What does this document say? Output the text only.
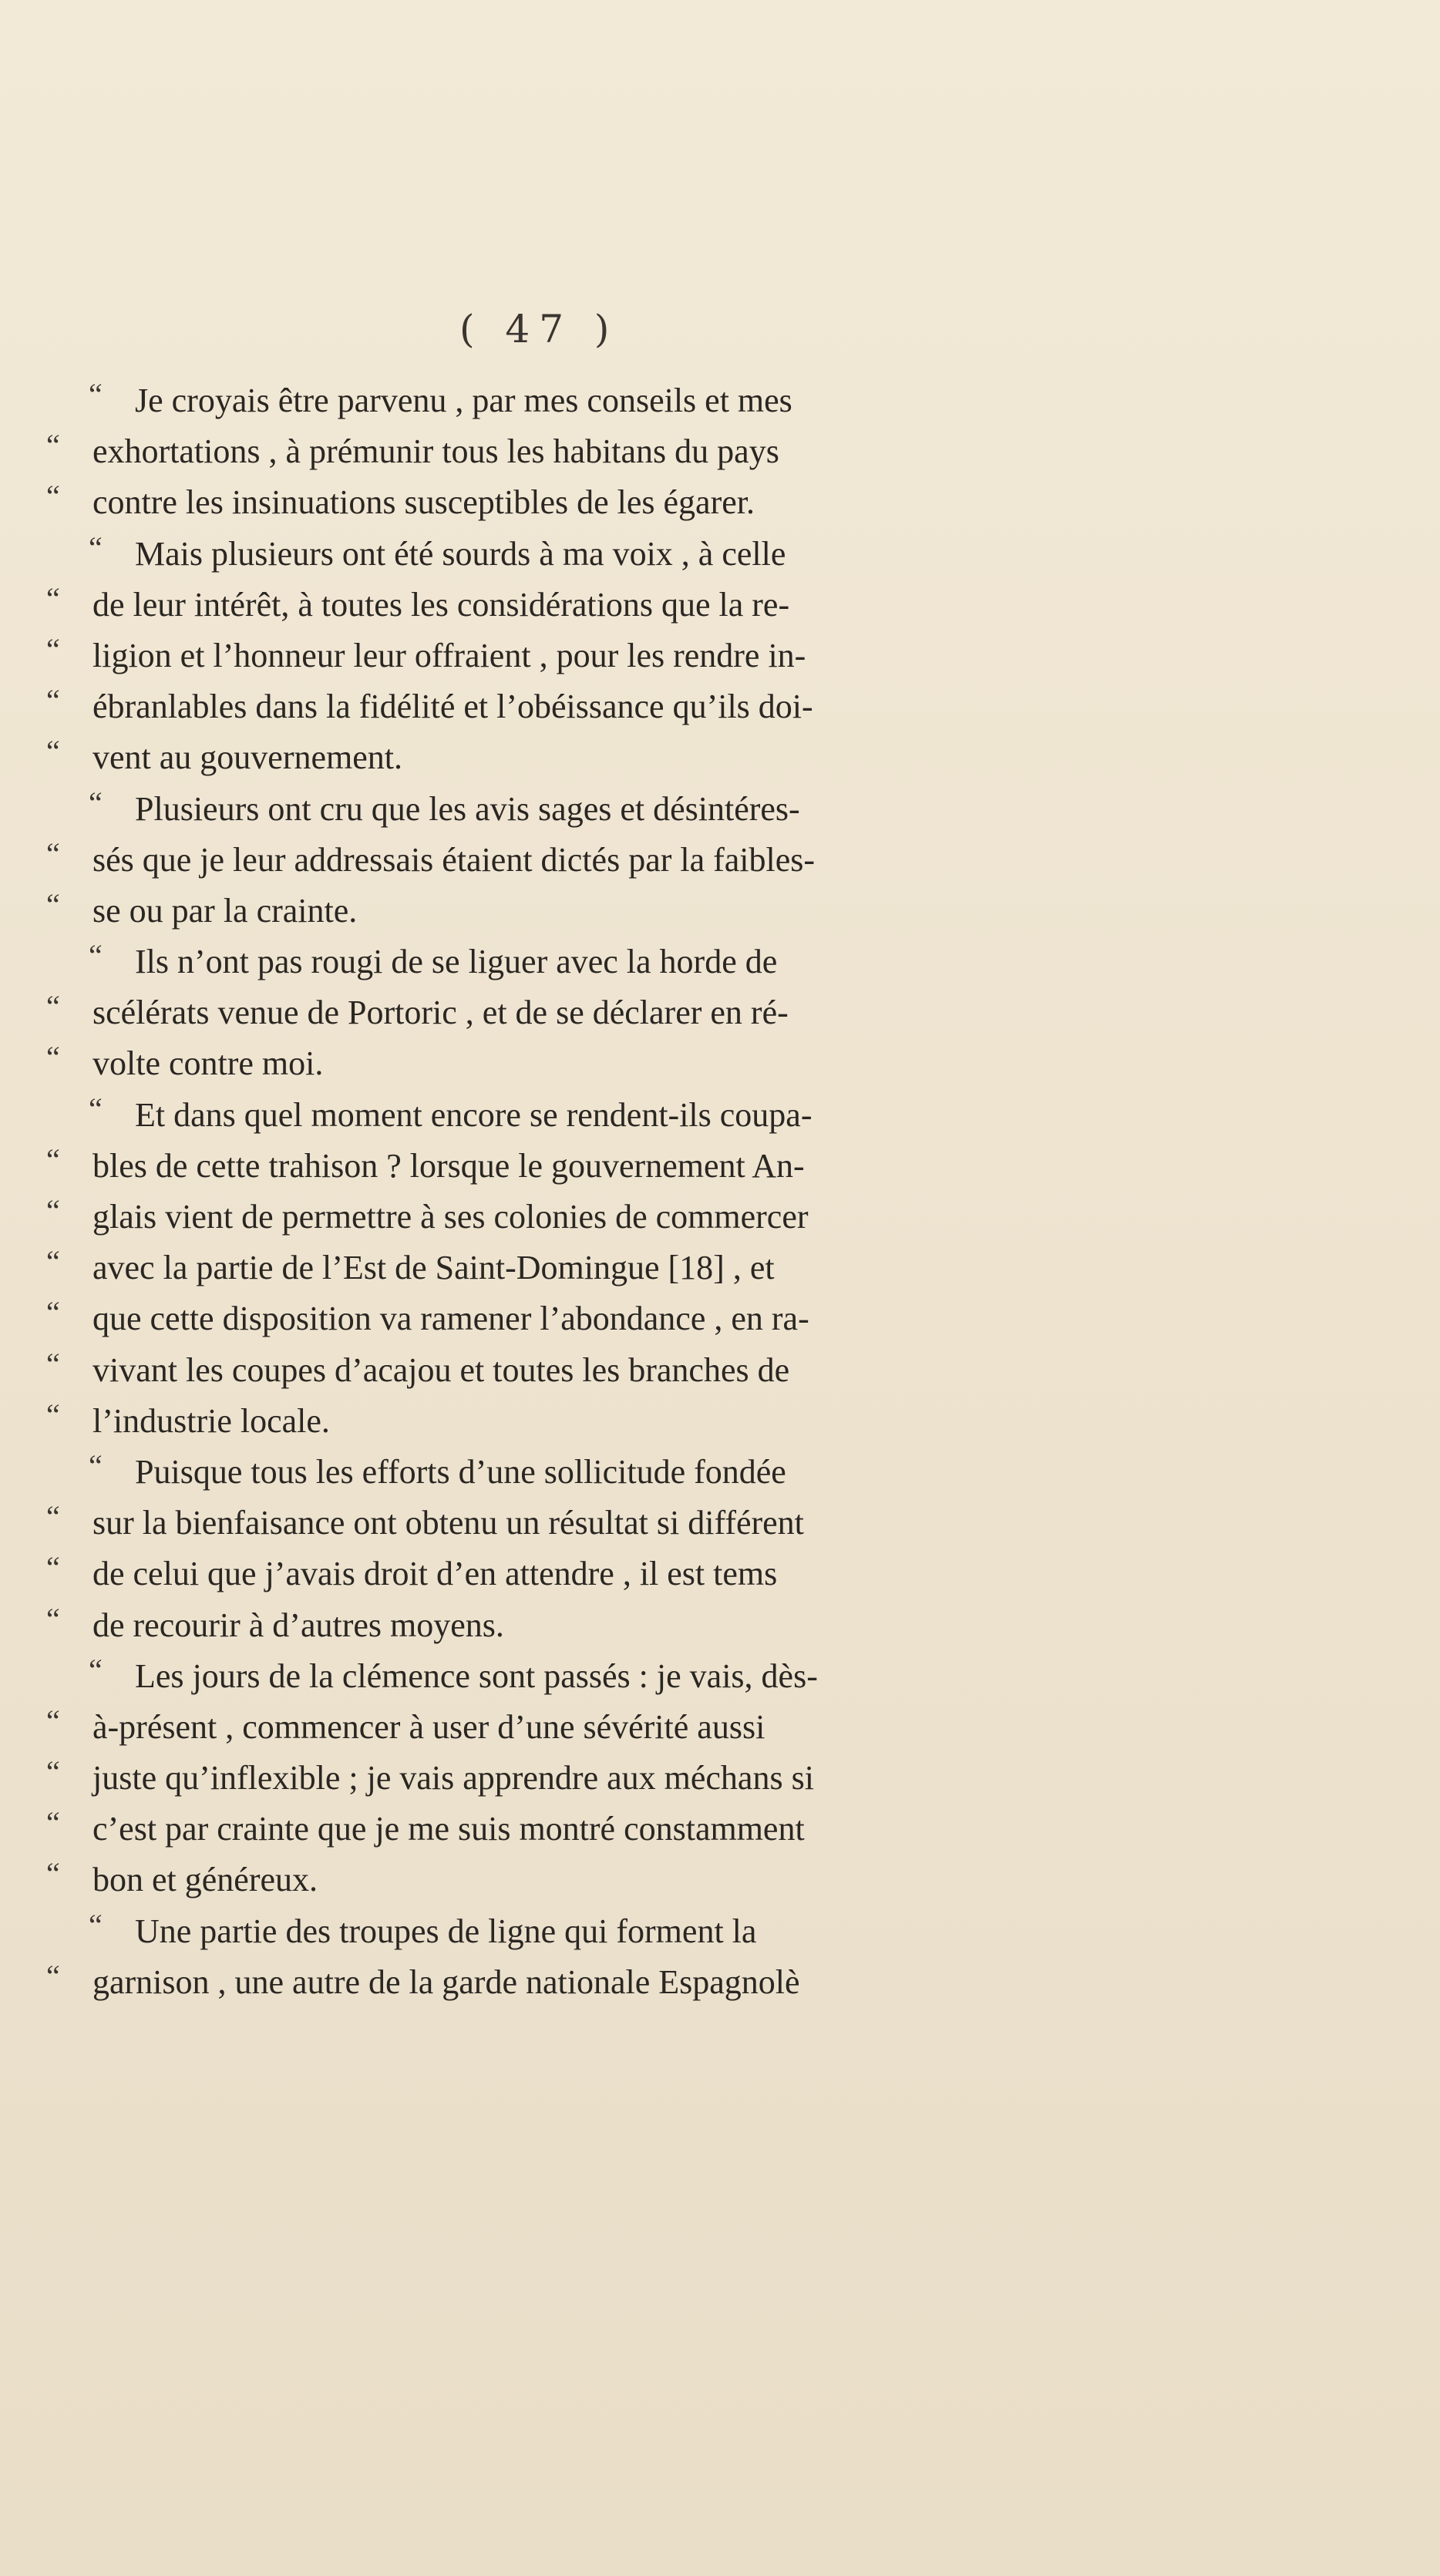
( 47 )
“ Je croyais être parvenu , par mes conseils et mes
“ exhortations , à prémunir tous les habitans du pays
“ contre les insinuations susceptibles de les égarer.
“ Mais plusieurs ont été sourds à ma voix , à celle
“ de leur intérêt, à toutes les considérations que la re-
“ ligion et l’honneur leur offraient , pour les rendre in-
“ ébranlables dans la fidélité et l’obéissance qu’ils doi-
“ vent au gouvernement.
“ Plusieurs ont cru que les avis sages et désintéres-
“ sés que je leur addressais étaient dictés par la faibles-
“ se ou par la crainte.
“ Ils n’ont pas rougi de se liguer avec la horde de
“ scélérats venue de Portoric , et de se déclarer en ré-
“ volte contre moi.
“ Et dans quel moment encore se rendent-ils coupa-
“ bles de cette trahison ? lorsque le gouvernement An-
“ glais vient de permettre à ses colonies de commercer
“ avec la partie de l’Est de Saint-Domingue [18] , et
“ que cette disposition va ramener l’abondance , en ra-
“ vivant les coupes d’acajou et toutes les branches de
“ l’industrie locale.
“ Puisque tous les efforts d’une sollicitude fondée
“ sur la bienfaisance ont obtenu un résultat si différent
“ de celui que j’avais droit d’en attendre , il est tems
“ de recourir à d’autres moyens.
“ Les jours de la clémence sont passés : je vais, dès-
“ à-présent , commencer à user d’une sévérité aussi
“ juste qu’inflexible ; je vais apprendre aux méchans si
“ c’est par crainte que je me suis montré constamment
“ bon et généreux.
“ Une partie des troupes de ligne qui forment la
“ garnison , une autre de la garde nationale Espagnolè
